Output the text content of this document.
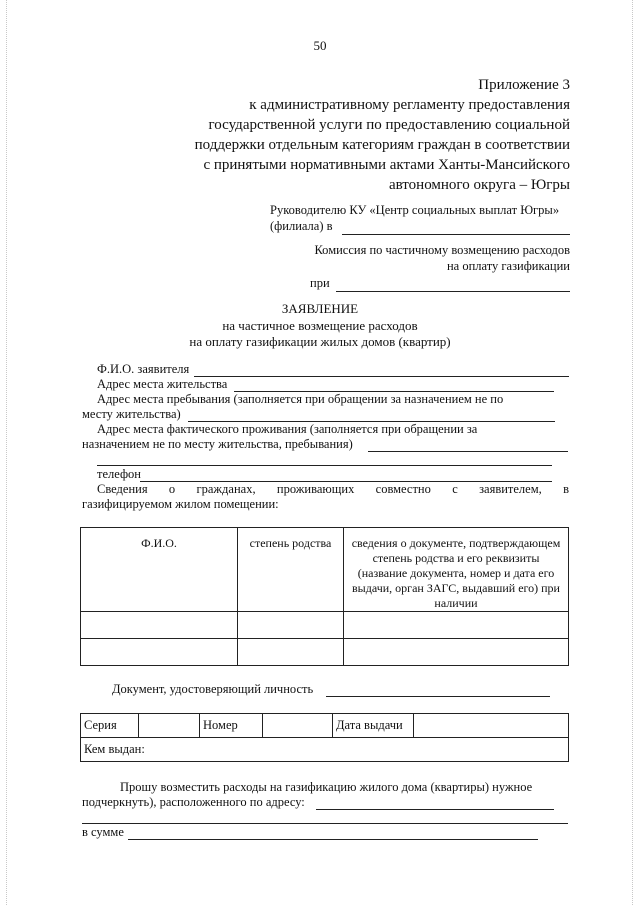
50
Приложение 3
к административному регламенту предоставления
государственной услуги по предоставлению социальной
поддержки отдельным категориям граждан в соответствии
с принятыми нормативными актами Ханты-Мансийского
автономного округа – Югры
Руководителю КУ «Центр социальных выплат Югры»
(филиала) в
Комиссия по частичному возмещению расходов
на оплату газификации
при
ЗАЯВЛЕНИЕ
на частичное возмещение расходов
на оплату газификации жилых домов (квартир)
Ф.И.О. заявителя
Адрес места жительства
Адрес места пребывания (заполняется при обращении за назначением не по
месту жительства)
Адрес места фактического проживания (заполняется при обращении за
назначением не по месту жительства, пребывания)
телефон
Сведения о гражданах, проживающих совместно с заявителем, в
газифицируемом жилом помещении:
Ф.И.О.	степень родства	сведения о документе, подтверждающем степень родства и его реквизиты (название документа, номер и дата его выдачи, орган ЗАГС, выдавший его) при наличии

Документ, удостоверяющий личность
Серия		Номер		Дата выдачи	
Кем выдан:
Прошу возместить расходы на газификацию жилого дома (квартиры) нужное
подчеркнуть), расположенного по адресу:
в сумме
